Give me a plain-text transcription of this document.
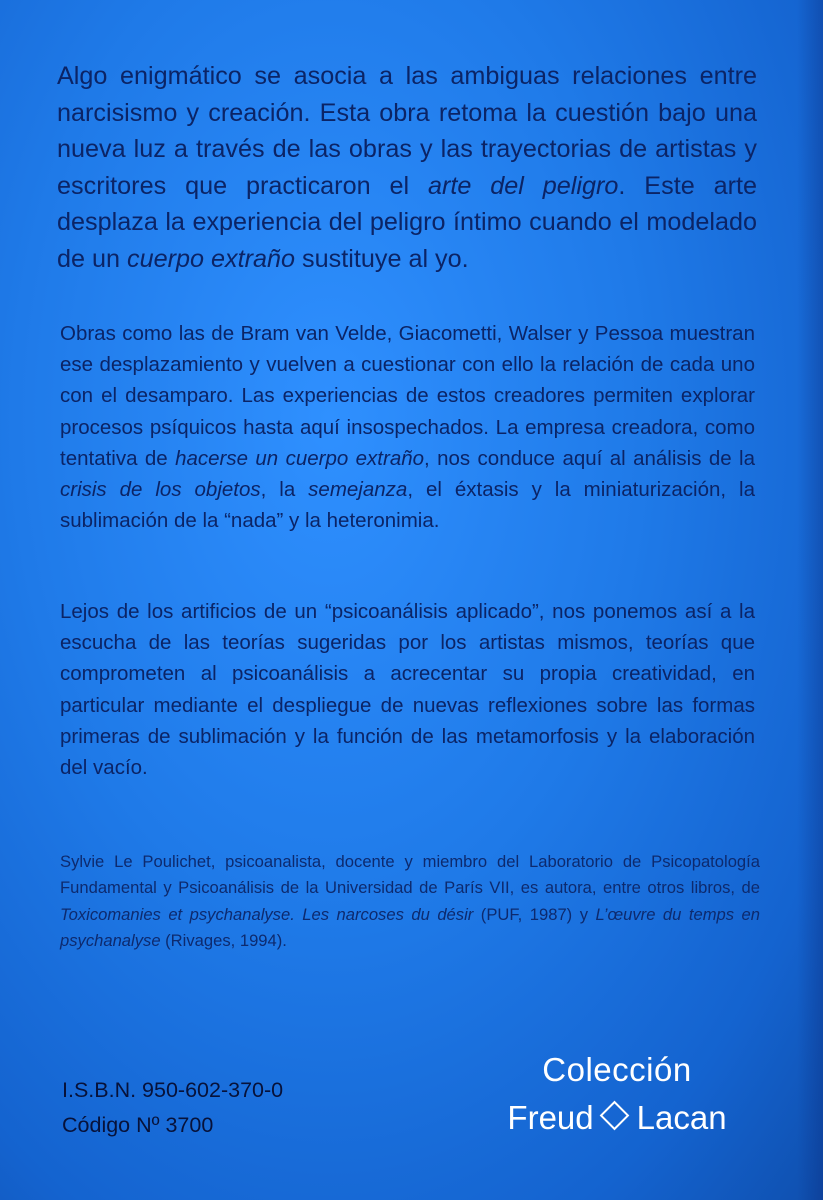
Algo enigmático se asocia a las ambiguas relaciones entre narcisismo y creación. Esta obra retoma la cuestión bajo una nueva luz a través de las obras y las trayectorias de artistas y escritores que practicaron el arte del peligro. Este arte desplaza la experiencia del peligro íntimo cuando el modelado de un cuerpo extraño sustituye al yo.

Obras como las de Bram van Velde, Giacometti, Walser y Pessoa muestran ese desplazamiento y vuelven a cuestionar con ello la relación de cada uno con el desamparo. Las experiencias de estos creadores permiten explorar procesos psíquicos hasta aquí insospechados. La empresa creadora, como tentativa de hacerse un cuerpo extraño, nos conduce aquí al análisis de la crisis de los objetos, la semejanza, el éxtasis y la miniaturización, la sublimación de la “nada” y la heteronimia.

Lejos de los artificios de un “psicoanálisis aplicado”, nos ponemos así a la escucha de las teorías sugeridas por los artistas mismos, teorías que comprometen al psicoanálisis a acrecentar su propia creatividad, en particular mediante el despliegue de nuevas reflexiones sobre las formas primeras de sublimación y la función de las metamorfosis y la elaboración del vacío.

Sylvie Le Poulichet, psicoanalista, docente y miembro del Laboratorio de Psicopatología Fundamental y Psicoanálisis de la Universidad de París VII, es autora, entre otros libros, de Toxicomanies et psychanalyse. Les narcoses du désir (PUF, 1987) y L’œuvre du temps en psychanalyse (Rivages, 1994).

I.S.B.N. 950-602-370-0
Código Nº 3700
Colección
Freud Lacan
